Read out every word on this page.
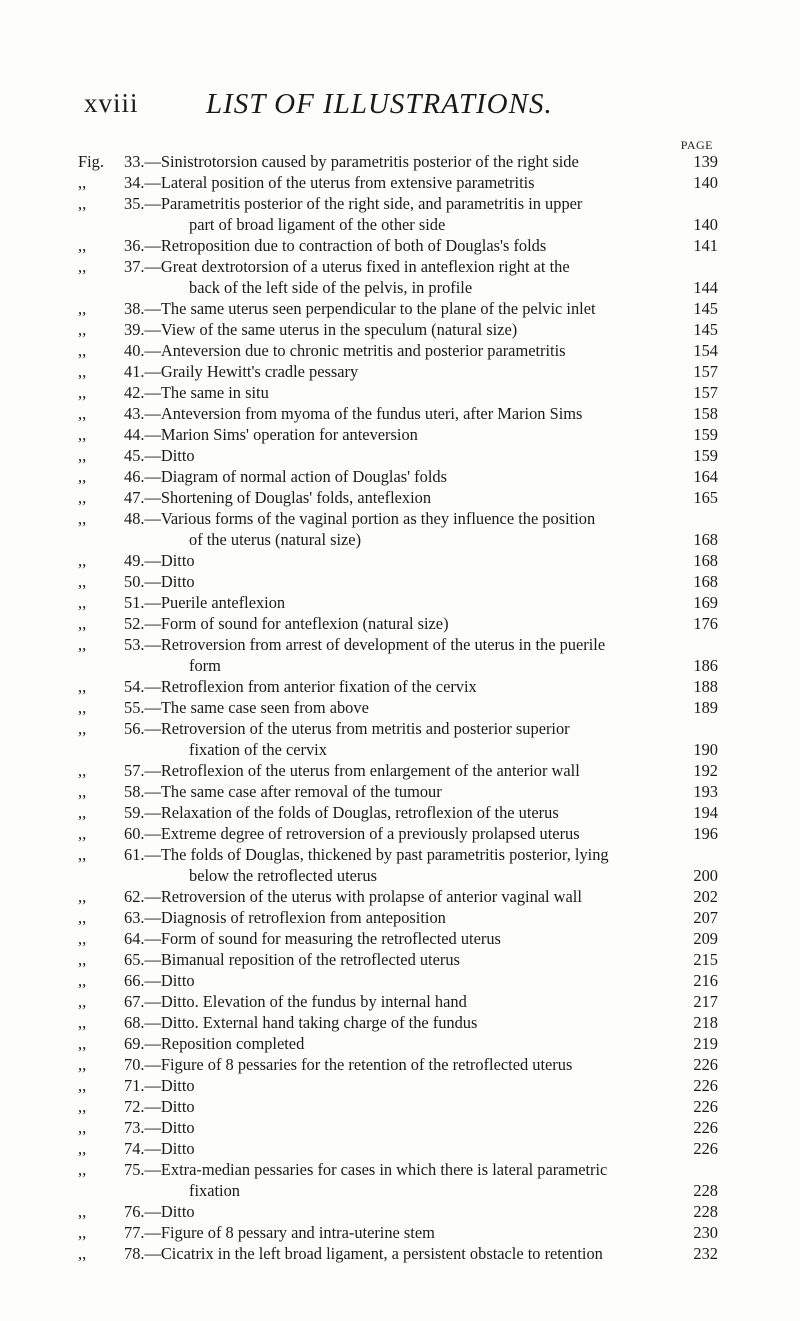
xviii LIST OF ILLUSTRATIONS.
PAGE
Fig.	33.—Sinistrotorsion caused by parametritis posterior of the right side	139
,,	34.—Lateral position of the uterus from extensive parametritis	140
,,	35.—Parametritis posterior of the right side, and parametritis in upper
part of broad ligament of the other side	140
,,	36.—Retroposition due to contraction of both of Douglas's folds	141
,,	37.—Great dextrotorsion of a uterus fixed in anteflexion right at the
back of the left side of the pelvis, in profile	144
,,	38.—The same uterus seen perpendicular to the plane of the pelvic inlet	145
,,	39.—View of the same uterus in the speculum (natural size)	145
,,	40.—Anteversion due to chronic metritis and posterior parametritis	154
,,	41.—Graily Hewitt's cradle pessary	157
,,	42.—The same in situ	157
,,	43.—Anteversion from myoma of the fundus uteri, after Marion Sims	158
,,	44.—Marion Sims' operation for anteversion	159
,,	45.—Ditto	159
,,	46.—Diagram of normal action of Douglas' folds	164
,,	47.—Shortening of Douglas' folds, anteflexion	165
,,	48.—Various forms of the vaginal portion as they influence the position
of the uterus (natural size)	168
,,	49.—Ditto	168
,,	50.—Ditto	168
,,	51.—Puerile anteflexion	169
,,	52.—Form of sound for anteflexion (natural size)	176
,,	53.—Retroversion from arrest of development of the uterus in the puerile
form	186
,,	54.—Retroflexion from anterior fixation of the cervix	188
,,	55.—The same case seen from above	189
,,	56.—Retroversion of the uterus from metritis and posterior superior
fixation of the cervix	190
,,	57.—Retroflexion of the uterus from enlargement of the anterior wall	192
,,	58.—The same case after removal of the tumour	193
,,	59.—Relaxation of the folds of Douglas, retroflexion of the uterus	194
,,	60.—Extreme degree of retroversion of a previously prolapsed uterus	196
,,	61.—The folds of Douglas, thickened by past parametritis posterior, lying
below the retroflected uterus	200
,,	62.—Retroversion of the uterus with prolapse of anterior vaginal wall	202
,,	63.—Diagnosis of retroflexion from anteposition	207
,,	64.—Form of sound for measuring the retroflected uterus	209
,,	65.—Bimanual reposition of the retroflected uterus	215
,,	66.—Ditto	216
,,	67.—Ditto. Elevation of the fundus by internal hand	217
,,	68.—Ditto. External hand taking charge of the fundus	218
,,	69.—Reposition completed	219
,,	70.—Figure of 8 pessaries for the retention of the retroflected uterus	226
,,	71.—Ditto	226
,,	72.—Ditto	226
,,	73.—Ditto	226
,,	74.—Ditto	226
,,	75.—Extra-median pessaries for cases in which there is lateral parametric
fixation	228
,,	76.—Ditto	228
,,	77.—Figure of 8 pessary and intra-uterine stem	230
,,	78.—Cicatrix in the left broad ligament, a persistent obstacle to retention	232
